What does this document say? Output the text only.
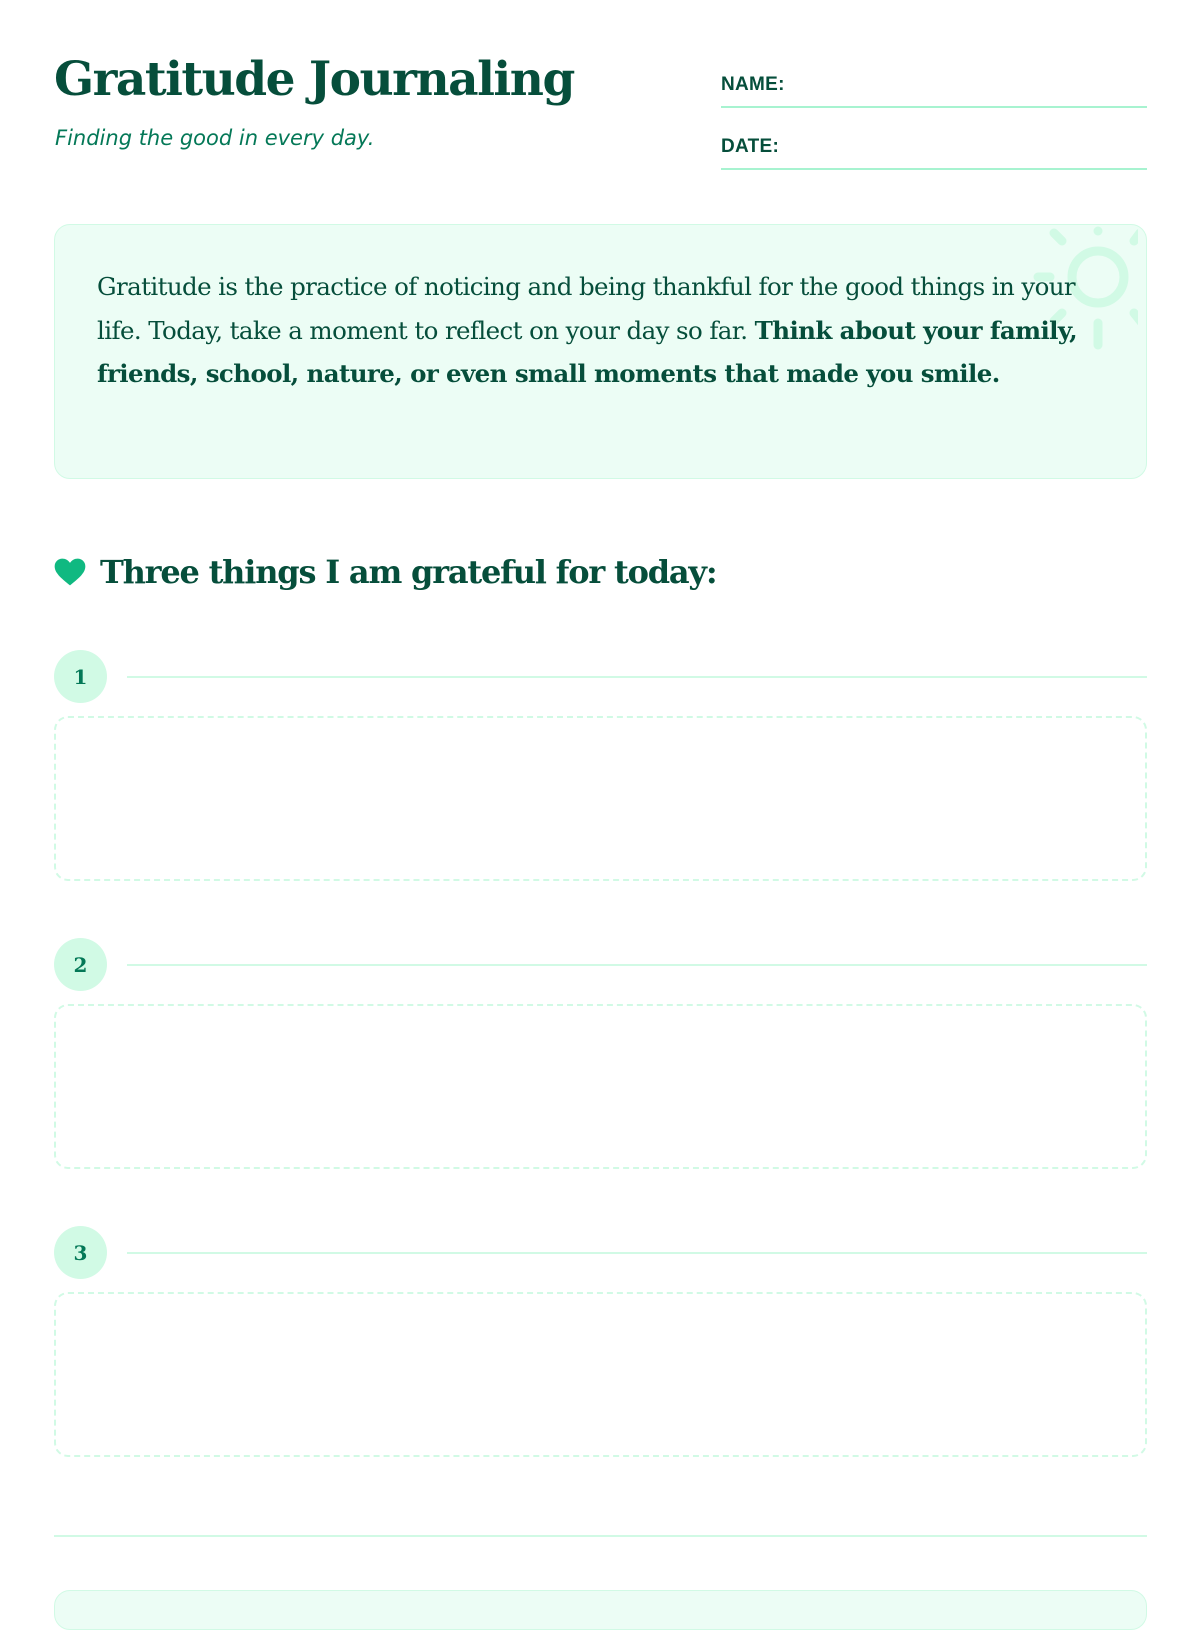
Gratitude Journaling

Finding the good in every day.

NAME:
DATE:

Gratitude is the practice of noticing and being thankful for the good things in your life. Today, take a moment to reflect on your day so far. Think about your family, friends, school, nature, or even small moments that made you smile.

Three things I am grateful for today:
1
2
3
